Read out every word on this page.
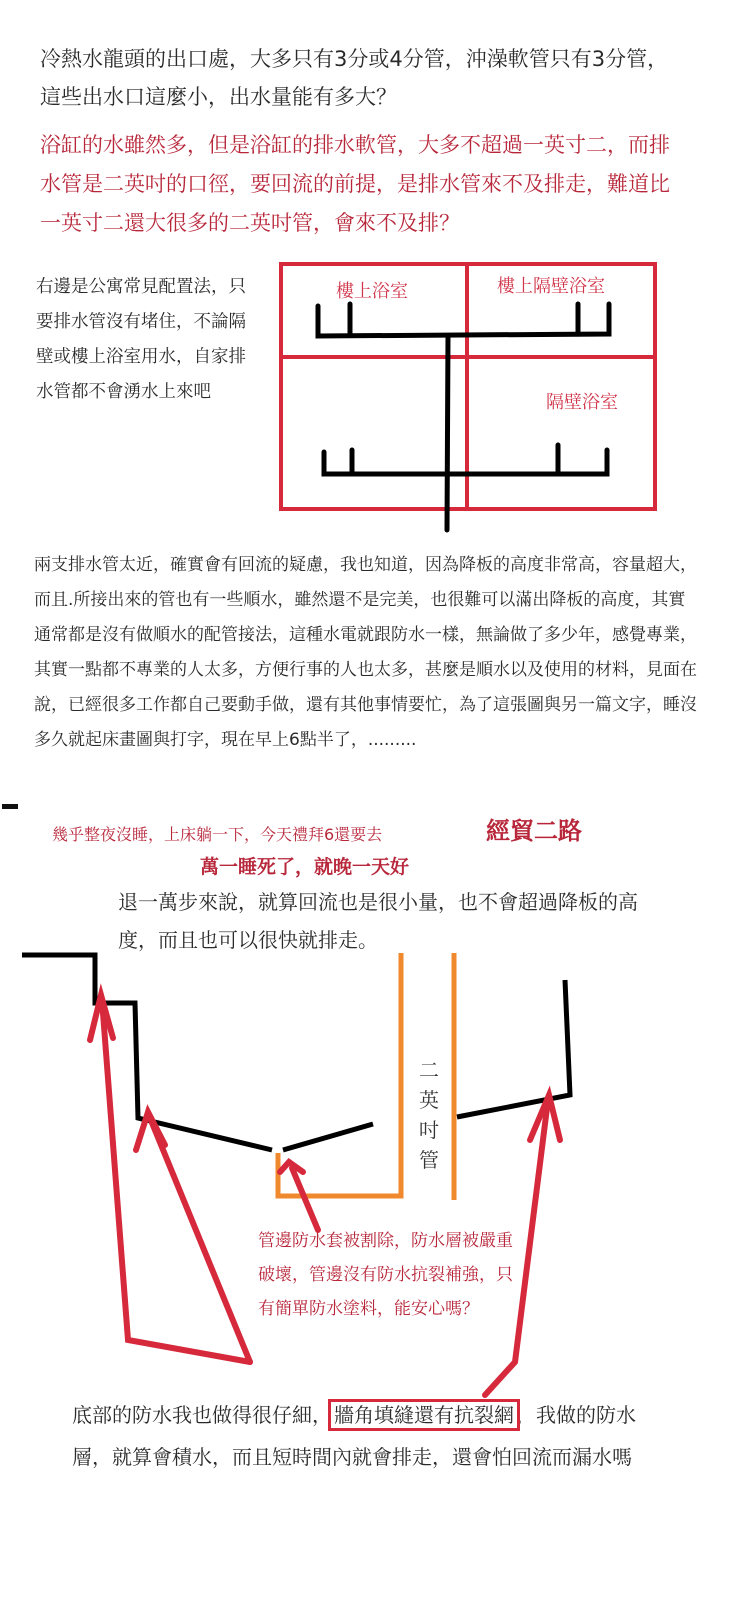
冷熱水龍頭的出口處，大多只有3分或4分管，沖澡軟管只有3分管，這些出水口這麼小，出水量能有多大？

浴缸的水雖然多，但是浴缸的排水軟管，大多不超過一英寸二，而排水管是二英吋的口徑，要回流的前提，是排水管來不及排走，難道比一英寸二還大很多的二英吋管，會來不及排？

右邊是公寓常見配置法，只要排水管沒有堵住，不論隔壁或樓上浴室用水，自家排水管都不會湧水上來吧

樓上浴室	樓上隔壁浴室
隔壁浴室

兩支排水管太近，確實會有回流的疑慮，我也知道，因為降板的高度非常高，容量超大，而且.所接出來的管也有一些順水，雖然還不是完美，也很難可以滿出降板的高度，其實通常都是沒有做順水的配管接法，這種水電就跟防水一樣，無論做了多少年，感覺專業，其實一點都不專業的人太多，方便行事的人也太多，甚麼是順水以及使用的材料，見面在說，已經很多工作都自己要動手做，還有其他事情要忙，為了這張圖與另一篇文字，睡沒多久就起床畫圖與打字，現在早上6點半了，.........

幾乎整夜沒睡，上床躺一下，今天禮拜6還要去	經貿二路

萬一睡死了，就晚一天好

退一萬步來說，就算回流也是很小量，也不會超過降板的高度，而且也可以很快就排走。

二英吋管

管邊防水套被割除，防水層被嚴重破壞，管邊沒有防水抗裂補強，只有簡單防水塗料，能安心嗎？

底部的防水我也做得很仔細， 牆角填縫還有抗裂網 ，我做的防水層，就算會積水，而且短時間內就會排走，還會怕回流而漏水嗎
